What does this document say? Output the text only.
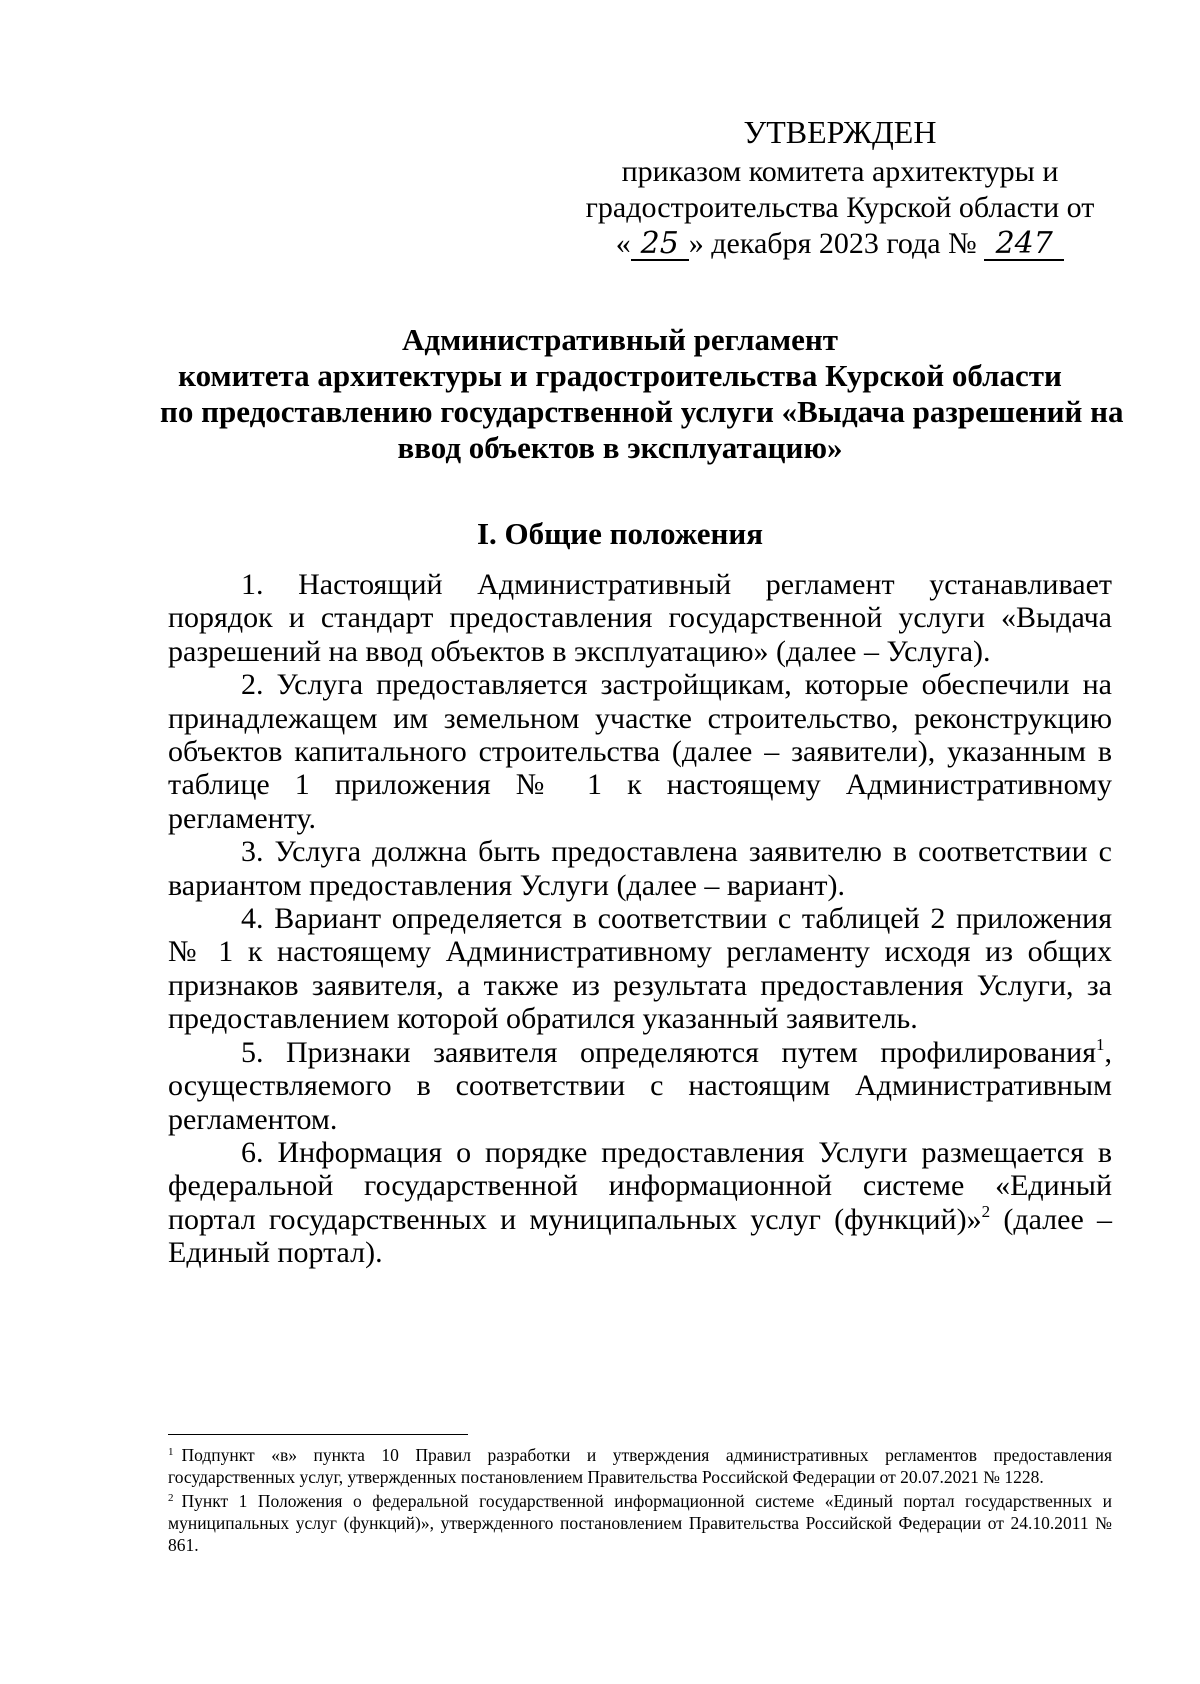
УТВЕРЖДЕН
приказом комитета архитектуры и
градостроительства Курской области от
« 25 » декабря 2023 года № 247
Административный регламент
комитета архитектуры и градостроительства Курской области
по предоставлению государственной услуги «Выдача разрешений на
ввод объектов в эксплуатацию»
I. Общие положения

1. Настоящий Административный регламент устанавливает порядок и стандарт предоставления государственной услуги «Выдача разрешений на ввод объектов в эксплуатацию» (далее – Услуга).

2. Услуга предоставляется застройщикам, которые обеспечили на принадлежащем им земельном участке строительство, реконструкцию объектов капитального строительства (далее – заявители), указанным в таблице 1 приложения № 1 к настоящему Административному регламенту.

3. Услуга должна быть предоставлена заявителю в соответствии с вариантом предоставления Услуги (далее – вариант).

4. Вариант определяется в соответствии с таблицей 2 приложения № 1 к настоящему Административному регламенту исходя из общих признаков заявителя, а также из результата предоставления Услуги, за предоставлением которой обратился указанный заявитель.

5. Признаки заявителя определяются путем профилирования$^1$, осуществляемого в соответствии с настоящим Административным регламентом.

6. Информация о порядке предоставления Услуги размещается в федеральной государственной информационной системе «Единый портал государственных и муниципальных услуг (функций)»$^2$ (далее – Единый портал).

$^1$ Подпункт «в» пункта 10 Правил разработки и утверждения административных регламентов предоставления государственных услуг, утвержденных постановлением Правительства Российской Федерации от 20.07.2021 № 1228.

$^2$ Пункт 1 Положения о федеральной государственной информационной системе «Единый портал государственных и муниципальных услуг (функций)», утвержденного постановлением Правительства Российской Федерации от 24.10.2011 № 861.
